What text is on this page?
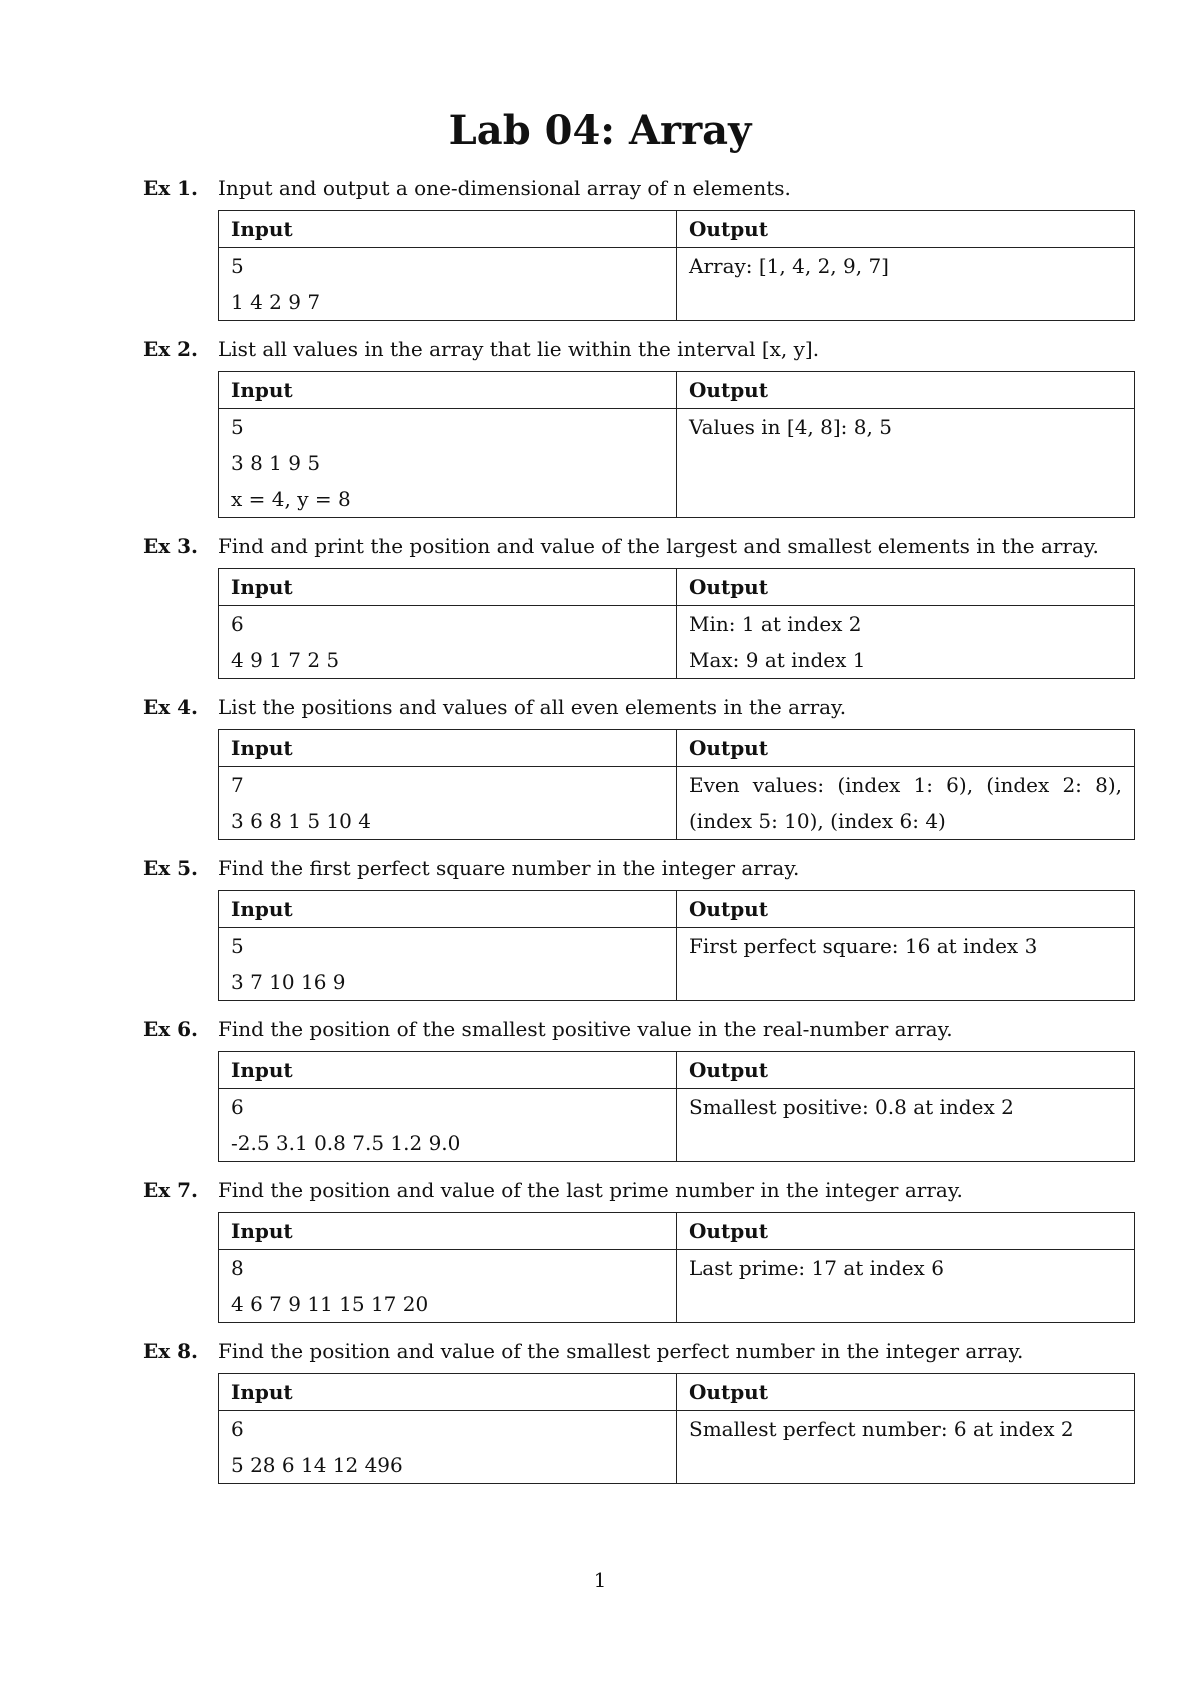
Lab 04: Array
Ex 1. Input and output a one-dimensional array of n elements.
Input	Output

5
1 4 2 9 7	Array: [1, 4, 2, 9, 7]
Ex 2. List all values in the array that lie within the interval [x, y].
Input	Output

5
3 8 1 9 5
x = 4, y = 8	Values in [4, 8]: 8, 5
Ex 3. Find and print the position and value of the largest and smallest elements in the array.
Input	Output

6
4 9 1 7 2 5	Min: 1 at index 2
Max: 9 at index 1
Ex 4. List the positions and values of all even elements in the array.
Input	Output

7
3 6 8 1 5 10 4	Even values: (index 1: 6), (index 2: 8), (index 5: 10), (index 6: 4)
Ex 5. Find the first perfect square number in the integer array.
Input	Output

5
3 7 10 16 9	First perfect square: 16 at index 3
Ex 6. Find the position of the smallest positive value in the real-number array.
Input	Output

6
-2.5 3.1 0.8 7.5 1.2 9.0	Smallest positive: 0.8 at index 2
Ex 7. Find the position and value of the last prime number in the integer array.
Input	Output

8
4 6 7 9 11 15 17 20	Last prime: 17 at index 6
Ex 8. Find the position and value of the smallest perfect number in the integer array.
Input	Output

6
5 28 6 14 12 496	Smallest perfect number: 6 at index 2
1
